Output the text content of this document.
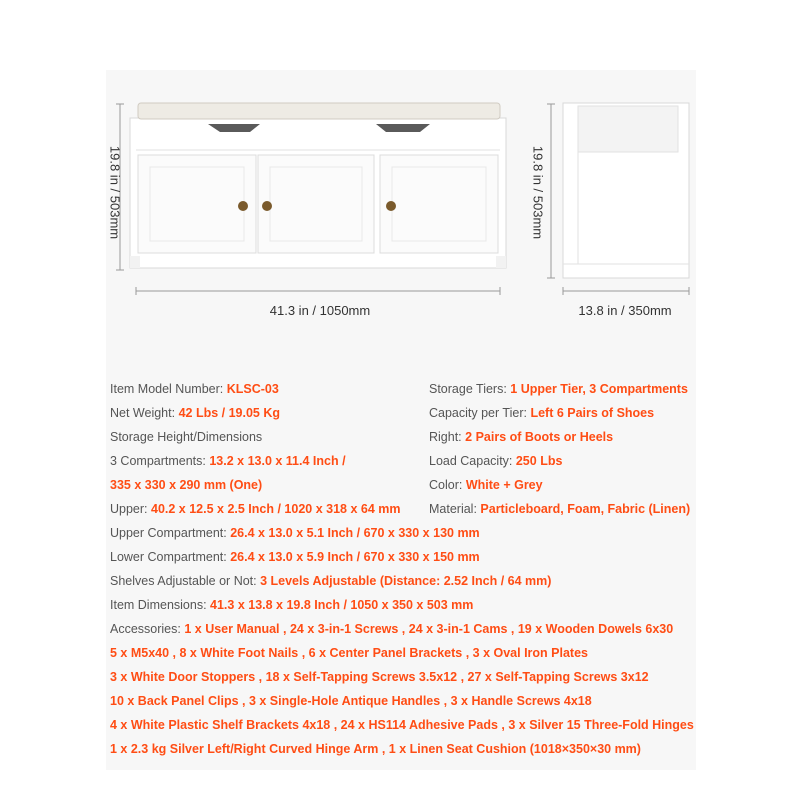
19.8 in / 503mm
41.3 in / 1050mm
19.8 in / 503mm
13.8 in / 350mm
Item Model Number: KLSC-03
Net Weight: 42 Lbs / 19.05 Kg
Storage Height/Dimensions
3 Compartments: 13.2 x 13.0 x 11.4 Inch /
335 x 330 x 290 mm (One)
Upper: 40.2 x 12.5 x 2.5 Inch / 1020 x 318 x 64 mm
Upper Compartment: 26.4 x 13.0 x 5.1 Inch / 670 x 330 x 130 mm
Lower Compartment: 26.4 x 13.0 x 5.9 Inch / 670 x 330 x 150 mm
Shelves Adjustable or Not: 3 Levels Adjustable (Distance: 2.52 Inch / 64 mm)
Item Dimensions: 41.3 x 13.8 x 19.8 Inch / 1050 x 350 x 503 mm
Accessories: 1 x User Manual , 24 x 3-in-1 Screws , 24 x 3-in-1 Cams , 19 x Wooden Dowels 6x30
5 x M5x40 , 8 x White Foot Nails , 6 x Center Panel Brackets , 3 x Oval Iron Plates
3 x White Door Stoppers , 18 x Self-Tapping Screws 3.5x12 , 27 x Self-Tapping Screws 3x12
10 x Back Panel Clips , 3 x Single-Hole Antique Handles , 3 x Handle Screws 4x18
4 x White Plastic Shelf Brackets 4x18 , 24 x HS114 Adhesive Pads , 3 x Silver 15 Three-Fold Hinges
1 x 2.3 kg Silver Left/Right Curved Hinge Arm , 1 x Linen Seat Cushion (1018×350×30 mm)
Storage Tiers: 1 Upper Tier, 3 Compartments
Capacity per Tier: Left 6 Pairs of Shoes
Right: 2 Pairs of Boots or Heels
Load Capacity: 250 Lbs
Color: White + Grey
Material: Particleboard, Foam, Fabric (Linen)
